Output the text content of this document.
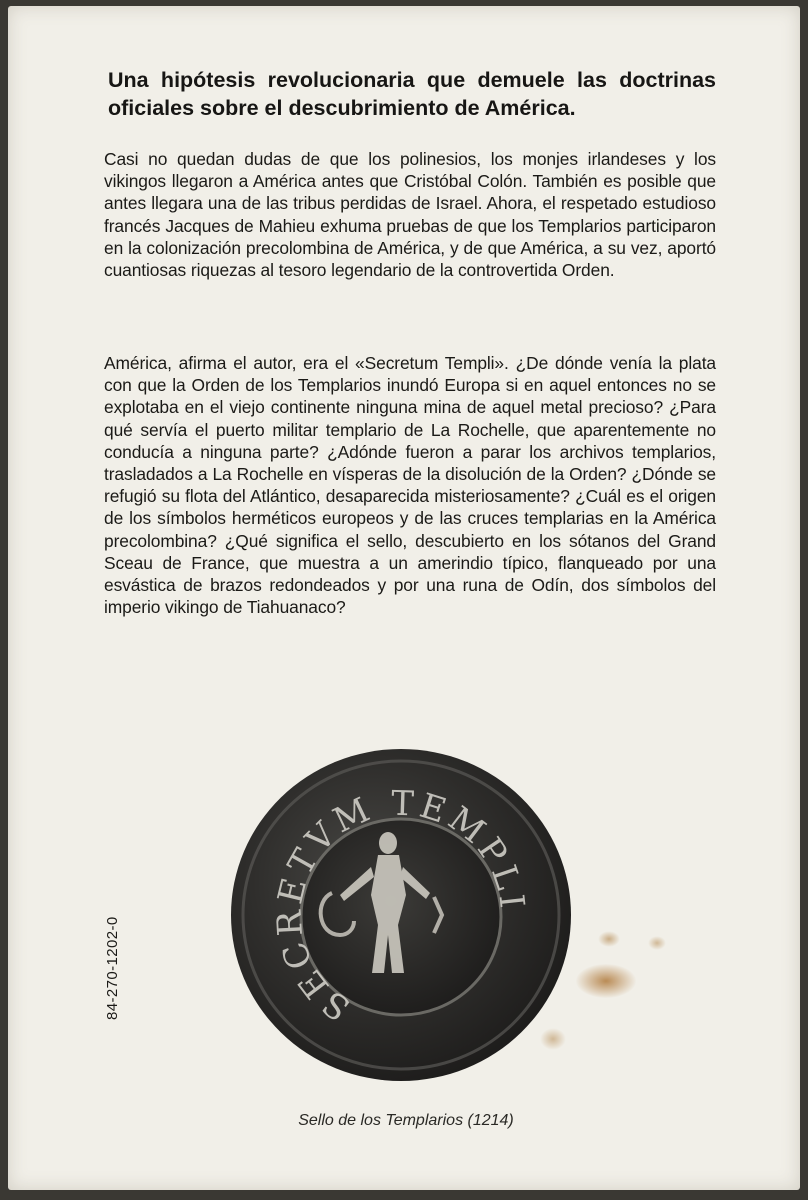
Una hipótesis revolucionaria que demuele las doctrinas oficiales sobre el descubrimiento de América.

Casi no quedan dudas de que los polinesios, los monjes irlandeses y los vikingos llegaron a América antes que Cristóbal Colón. También es posible que antes llegara una de las tribus perdidas de Israel. Ahora, el respetado estudioso francés Jacques de Mahieu exhuma pruebas de que los Templarios participaron en la colonización precolombina de América, y de que América, a su vez, aportó cuantiosas riquezas al tesoro legendario de la controvertida Orden.

América, afirma el autor, era el «Secretum Templi». ¿De dónde venía la plata con que la Orden de los Templarios inundó Europa si en aquel entonces no se explotaba en el viejo continente ninguna mina de aquel metal precioso? ¿Para qué servía el puerto militar templario de La Rochelle, que aparentemente no conducía a ninguna parte? ¿Adónde fueron a parar los archivos templarios, trasladados a La Rochelle en vísperas de la disolución de la Orden? ¿Dónde se refugió su flota del Atlántico, desaparecida misteriosamente? ¿Cuál es el origen de los símbolos herméticos europeos y de las cruces templarias en la América precolombina? ¿Qué significa el sello, descubierto en los sótanos del Grand Sceau de France, que muestra a un amerindio típico, flanqueado por una esvástica de brazos redondeados y por una runa de Odín, dos símbolos del imperio vikingo de Tiahuanaco?

SECRETVM TEMPLI

Sello de los Templarios (1214)

84-270-1202-0
